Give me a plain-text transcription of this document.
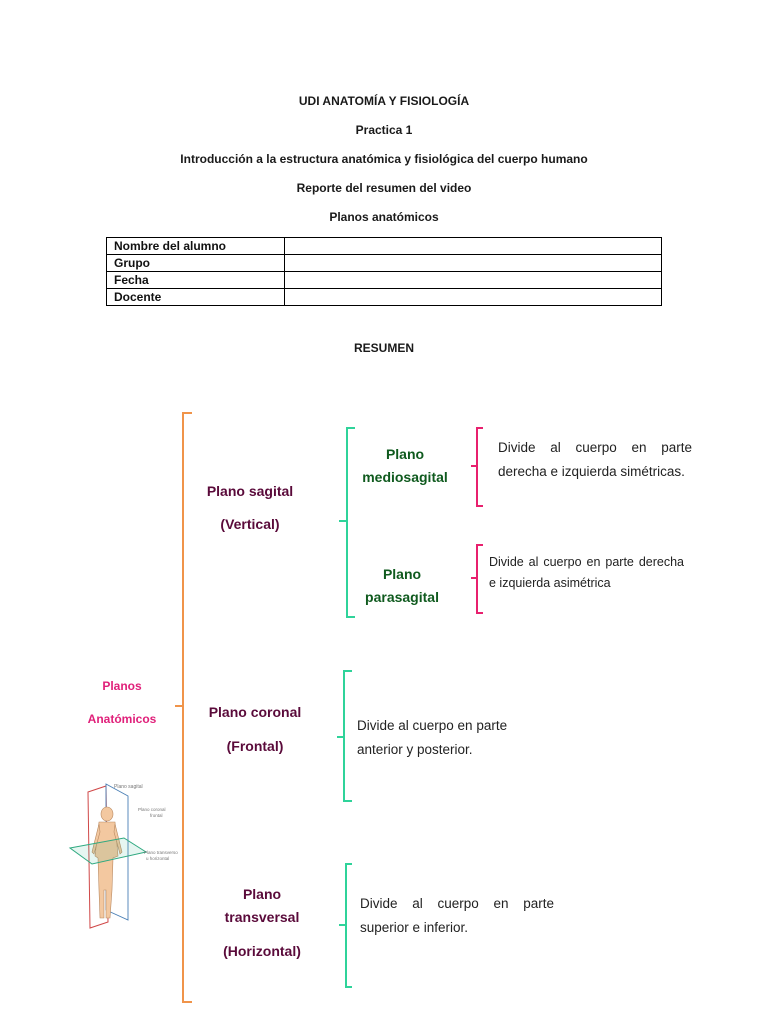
UDI ANATOMÍA Y FISIOLOGÍA
Practica 1
Introducción a la estructura anatómica y fisiológica del cuerpo humano
Reporte del resumen del video
Planos anatómicos
Nombre del alumno	
Grupo	
Fecha	
Docente	
RESUMEN
Planos
Anatómicos
Plano sagital
(Vertical)
Plano
mediosagital
Divide al cuerpo en parte derecha e izquierda simétricas.
Plano
parasagital
Divide al cuerpo en parte derecha e izquierda asimétrica
Plano coronal
(Frontal)
Divide al cuerpo en parte anterior y posterior.
Plano
transversal
(Horizontal)
Divide al cuerpo en parte superior e inferior.
Plano sagital
Plano coronal
frontal
Plano transverso
u horizontal
